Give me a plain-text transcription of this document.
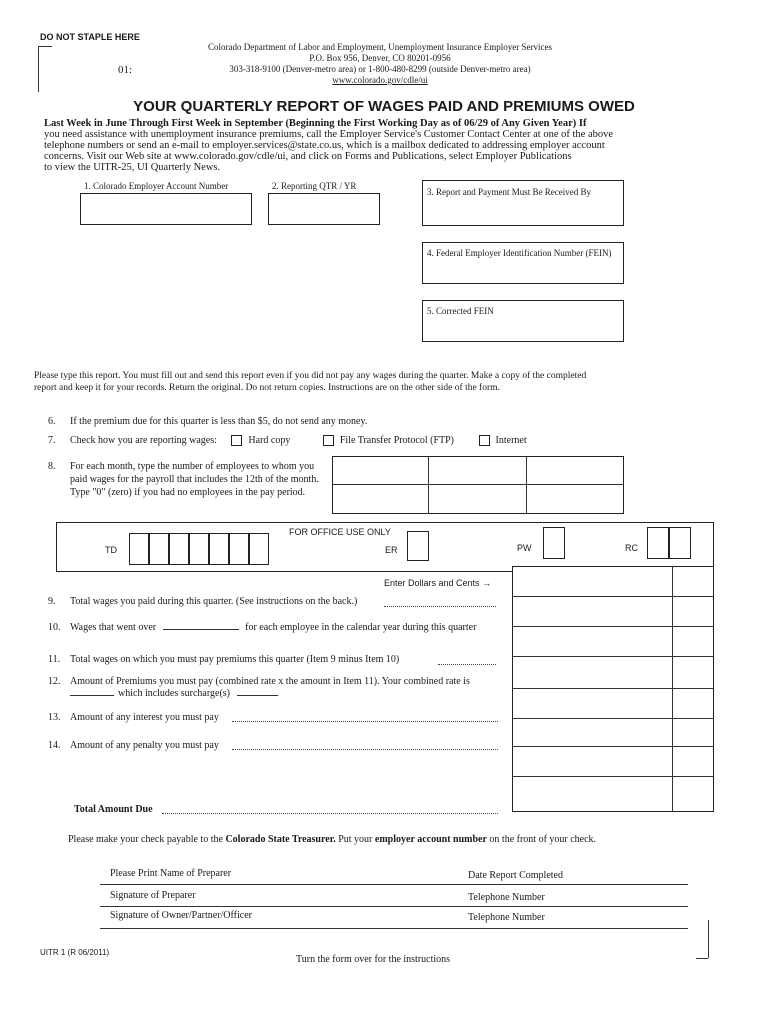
DO NOT STAPLE HERE
01:
Colorado Department of Labor and Employment, Unemployment Insurance Employer Services
P.O. Box 956, Denver, CO 80201-0956
303-318-9100 (Denver-metro area) or 1-800-480-8299 (outside Denver-metro area)
www.colorado.gov/cdle/ui
YOUR QUARTERLY REPORT OF WAGES PAID AND PREMIUMS OWED
Last Week in June Through First Week in September (Beginning the First Working Day as of 06/29 of Any Given Year) If
you need assistance with unemployment insurance premiums, call the Employer Service's Customer Contact Center at one of the above
telephone numbers or send an e-mail to employer.services@state.co.us, which is a mailbox dedicated to addressing employer account
concerns. Visit our Web site at www.colorado.gov/cdle/ui, and click on Forms and Publications, select Employer Publications
to view the UITR-25, UI Quarterly News.
1. Colorado Employer Account Number	2. Reporting QTR / YR
3. Report and Payment Must Be Received By
4. Federal Employer Identification Number (FEIN)
5. Corrected FEIN
Please type this report. You must fill out and send this report even if you did not pay any wages during the quarter. Make a copy of the completed
report and keep it for your records. Return the original. Do not return copies. Instructions are on the other side of the form.
6. If the premium due for this quarter is less than $5, do not send any money.
7. Check how you are reporting wages:	Hard copy	File Transfer Protocol (FTP)	Internet
8. For each month, type the number of employees to whom you
paid wages for the payroll that includes the 12th of the month.
Type "0" (zero) if you had no employees in the pay period.
FOR OFFICE USE ONLY
TD	ER	PW	RC
Enter Dollars and Cents →
9. Total wages you paid during this quarter. (See instructions on the back.)
10. Wages that went over	for each employee in the calendar year during this quarter
11. Total wages on which you must pay premiums this quarter (Item 9 minus Item 10)
12. Amount of Premiums you must pay (combined rate x the amount in Item 11). Your combined rate is
which includes surcharge(s)	.
13. Amount of any interest you must pay
14. Amount of any penalty you must pay
Total Amount Due
Please make your check payable to the Colorado State Treasurer. Put your employer account number on the front of your check.
Please Print Name of Preparer	Date Report Completed
Signature of Preparer	Telephone Number
Signature of Owner/Partner/Officer	Telephone Number
UITR 1 (R 06/2011)
Turn the form over for the instructions
